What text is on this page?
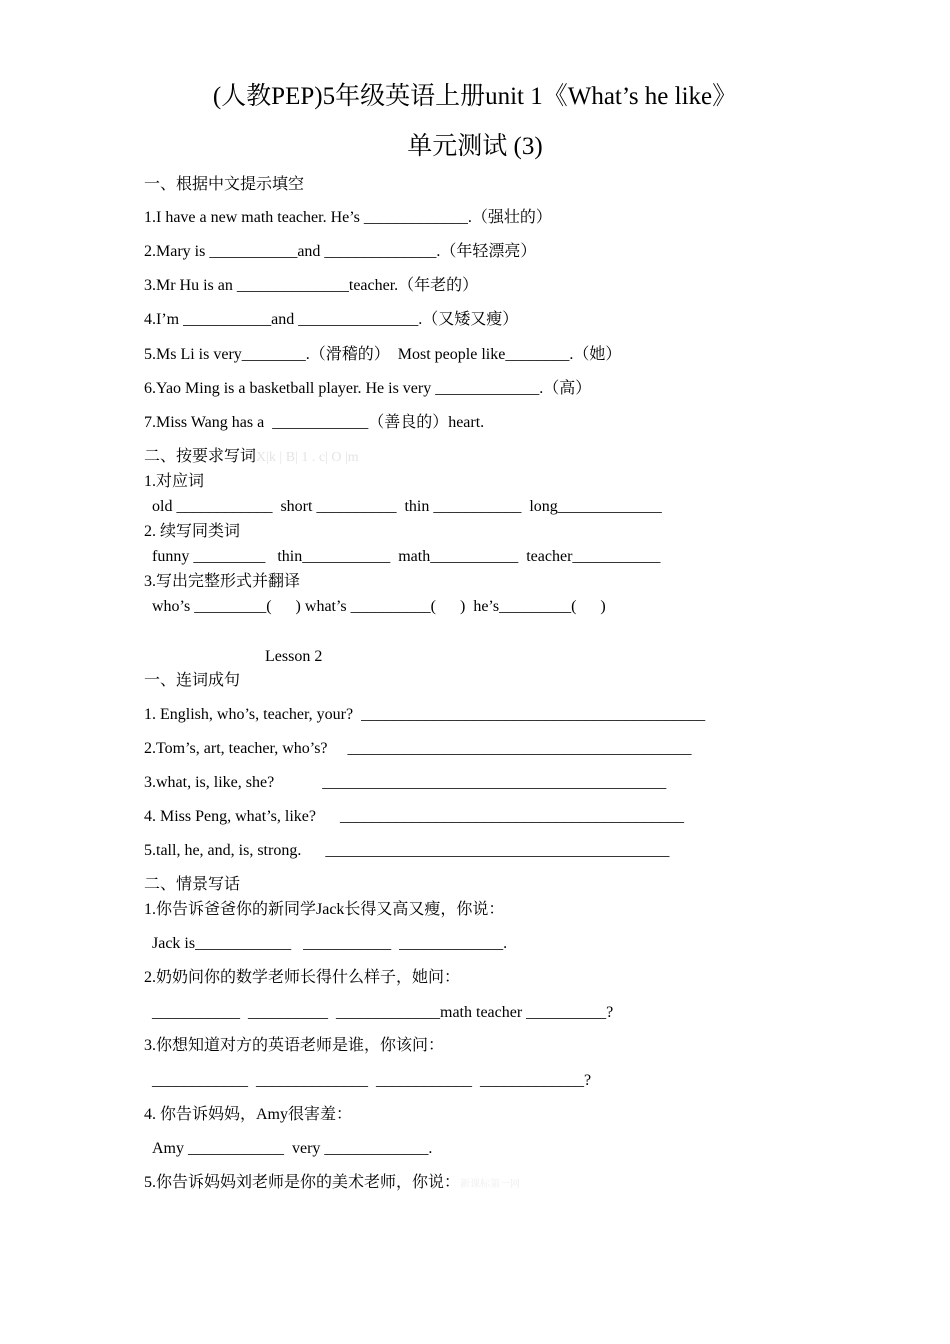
(人教PEP)5年级英语上册unit 1《What’s he like》
单元测试 (3)
一、根据中文提示填空
1.I have a new math teacher. He’s _____________.（强壮的）
2.Mary is ___________and ______________.（年轻漂亮）
3.Mr Hu is an ______________teacher.（年老的）
4.I’m ___________and _______________.（又矮又瘦）
5.Ms Li is very________.（滑稽的）  Most people like________.（她）
6.Yao Ming is a basketball player. He is very _____________.（高）
7.Miss Wang has a  ____________（善良的）heart.
二、按要求写词X|k | B| 1 . c| O |m
1.对应词
old ____________  short __________  thin ___________  long_____________
2. 续写同类词
funny _________   thin___________  math___________  teacher___________
3.写出完整形式并翻译
who’s _________(      ) what’s __________(      )  he’s_________(      )
Lesson 2
一、连词成句
1. English, who’s, teacher, your?  ___________________________________________
2.Tom’s, art, teacher, who’s?     ___________________________________________
3.what, is, like, she?            ___________________________________________
4. Miss Peng, what’s, like?      ___________________________________________
5.tall, he, and, is, strong.      ___________________________________________
二、情景写话
1.你告诉爸爸你的新同学Jack长得又高又瘦，你说：
Jack is____________   ___________  _____________.
2.奶奶问你的数学老师长得什么样子，她问：
___________  __________  _____________math teacher __________?
3.你想知道对方的英语老师是谁，你该问：
____________  ______________  ____________  _____________?
4. 你告诉妈妈，Amy很害羞：
Amy ____________  very _____________.
5.你告诉妈妈刘老师是你的美术老师，你说：新课标第一网
